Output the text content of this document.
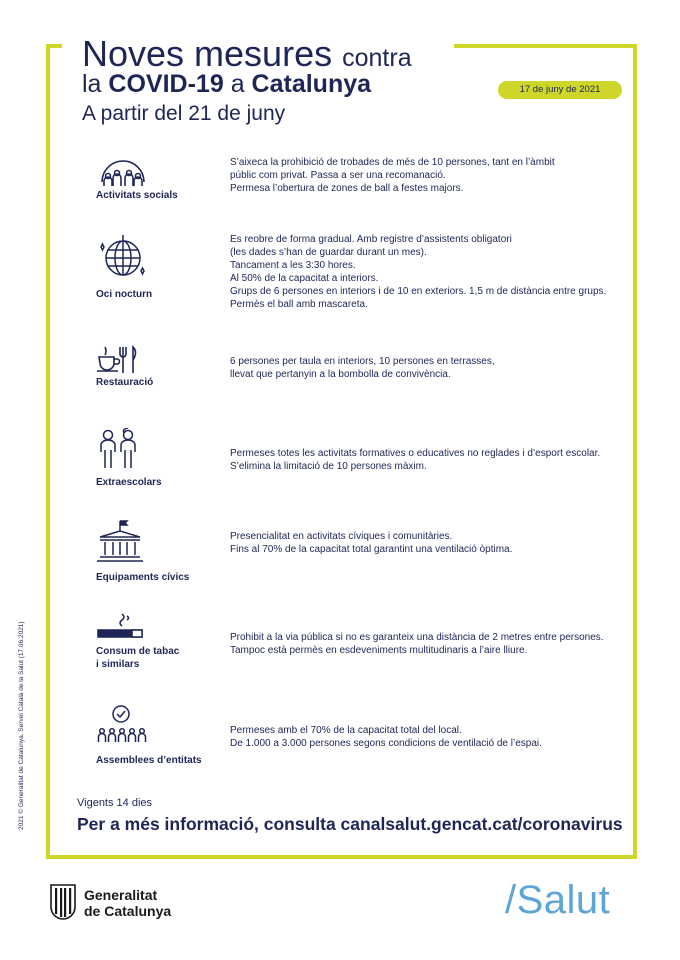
Noves mesures contra
la COVID-19 a Catalunya
A partir del 21 de juny
17 de juny de 2021
Activitats socials
S’aixeca la prohibició de trobades de més de 10 persones, tant en l’àmbit
públic com privat. Passa a ser una recomanació.
Permesa l’obertura de zones de ball a festes majors.
Oci nocturn
Es reobre de forma gradual. Amb registre d’assistents obligatori
(les dades s’han de guardar durant un mes).
Tancament a les 3:30 hores.
Al 50% de la capacitat a interiors.
Grups de 6 persones en interiors i de 10 en exteriors. 1,5 m de distància entre grups.
Permès el ball amb mascareta.
Restauració
6 persones per taula en interiors, 10 persones en terrasses,
llevat que pertanyin a la bombolla de convivència.
Extraescolars
Permeses totes les activitats formatives o educatives no reglades i d’esport escolar.
S’elimina la limitació de 10 persones màxim.
Equipaments cívics
Presencialitat en activitats cíviques i comunitàries.
Fins al 70% de la capacitat total garantint una ventilació òptima.
Consum de tabac
i similars
Prohibit a la via pública si no es garanteix una distància de 2 metres entre persones.
Tampoc està permès en esdeveniments multitudinaris a l’aire lliure.
Assemblees d’entitats
Permeses amb el 70% de la capacitat total del local.
De 1.000 a 3.000 persones segons condicions de ventilació de l’espai.
Vigents 14 dies
Per a més informació, consulta canalsalut.gencat.cat/coronavirus
2021 © Generalitat de Catalunya. Servei Català de la Salut (17.06.2021)
Generalitat
de Catalunya	/Salut
